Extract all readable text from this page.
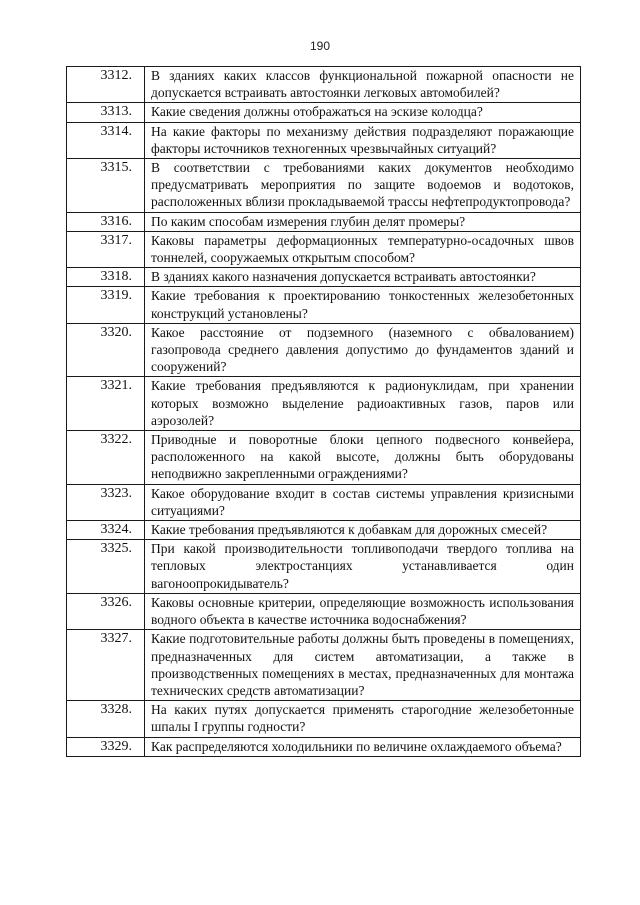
190
3312.	В зданиях каких классов функциональной пожарной опасности не допускается встраивать автостоянки легковых автомобилей?
3313.	Какие сведения должны отображаться на эскизе колодца?
3314.	На какие факторы по механизму действия подразделяют поражающие факторы источников техногенных чрезвычайных ситуаций?
3315.	В соответствии с требованиями каких документов необходимо предусматривать мероприятия по защите водоемов и водотоков, расположенных вблизи прокладываемой трассы нефтепродуктопровода?
3316.	По каким способам измерения глубин делят промеры?
3317.	Каковы параметры деформационных температурно-осадочных швов тоннелей, сооружаемых открытым способом?
3318.	В зданиях какого назначения допускается встраивать автостоянки?
3319.	Какие требования к проектированию тонкостенных железобетонных конструкций установлены?
3320.	Какое расстояние от подземного (наземного с обвалованием) газопровода среднего давления допустимо до фундаментов зданий и сооружений?
3321.	Какие требования предъявляются к радионуклидам, при хранении которых возможно выделение радиоактивных газов, паров или аэрозолей?
3322.	Приводные и поворотные блоки цепного подвесного конвейера, расположенного на какой высоте, должны быть оборудованы неподвижно закрепленными ограждениями?
3323.	Какое оборудование входит в состав системы управления кризисными ситуациями?
3324.	Какие требования предъявляются к добавкам для дорожных смесей?
3325.	При какой производительности топливоподачи твердого топлива на тепловых электростанциях устанавливается один вагоноопрокидыватель?
3326.	Каковы основные критерии, определяющие возможность использования водного объекта в качестве источника водоснабжения?
3327.	Какие подготовительные работы должны быть проведены в помещениях, предназначенных для систем автоматизации, а также в производственных помещениях в местах, предназначенных для монтажа технических средств автоматизации?
3328.	На каких путях допускается применять старогодние железобетонные шпалы I группы годности?
3329.	Как распределяются холодильники по величине охлаждаемого объема?
